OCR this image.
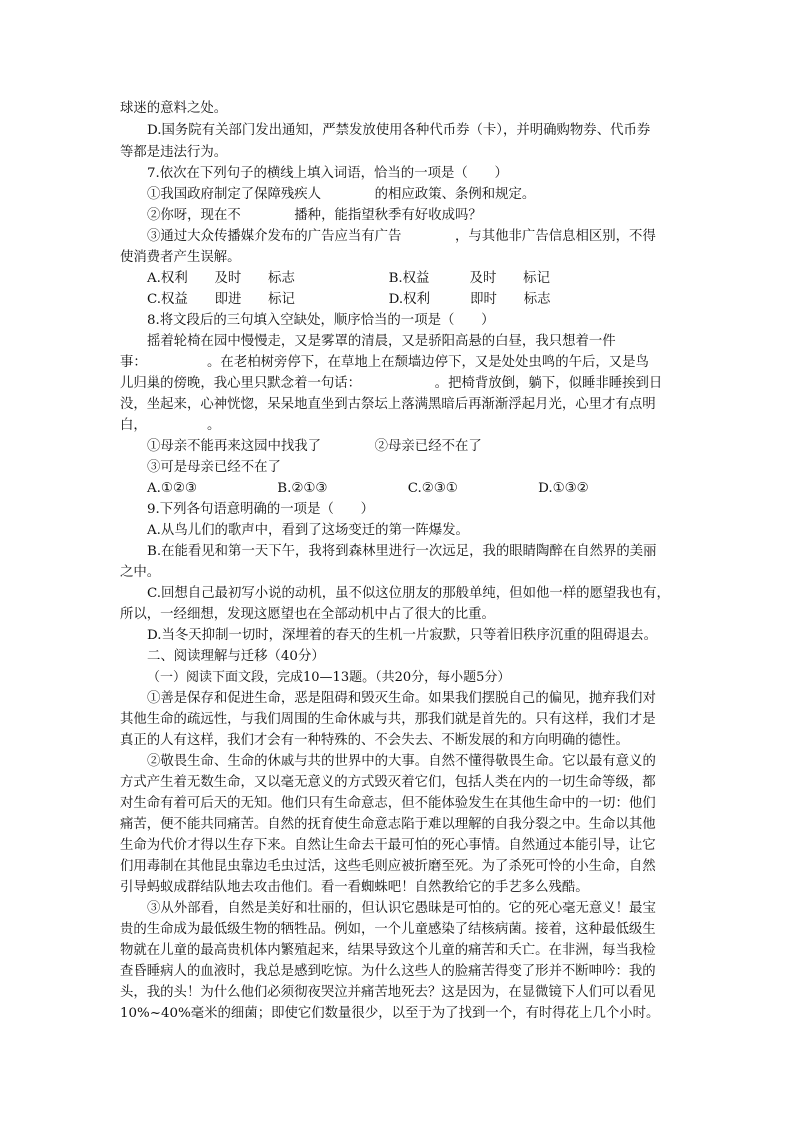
球迷的意料之处。
D.国务院有关部门发出通知，严禁发放使用各种代币券（卡），并明确购物券、代币券
等都是违法行为。
7.依次在下列句子的横线上填入词语，恰当的一项是（　　）
①我国政府制定了保障残疾人　　　　的相应政策、条例和规定。
②你呀，现在不　　　　播种，能指望秋季有好收成吗？
③通过大众传播媒介发布的广告应当有广告　　　　，与其他非广告信息相区别，不得
使消费者产生误解。
A.权利　　及时　　标志　　　　　　　B.权益　　　及时　　标记
C.权益　　即进　　标记　　　　　　　D.权利　　　即时　　标志
8.将文段后的三句填入空缺处，顺序恰当的一项是（　　）
摇着轮椅在园中慢慢走，又是雾罩的清晨，又是骄阳高悬的白昼，我只想着一件
事：　　　　　。在老柏树旁停下，在草地上在颓墙边停下，又是处处虫鸣的午后，又是鸟
儿归巢的傍晚，我心里只默念着一句话：　　　　　　。把椅背放倒，躺下，似睡非睡挨到日
没，坐起来，心神恍惚，呆呆地直坐到古祭坛上落满黑暗后再渐渐浮起月光，心里才有点明
白，　　　　　。
①母亲不能再来这园中找我了　　　　②母亲已经不在了
③可是母亲已经不在了
A.①②③　　　　　　B.②①③　　　　　　C.②③①　　　　　　D.①③②
9.下列各句语意明确的一项是（　　）
A.从鸟儿们的歌声中，看到了这场变迁的第一阵爆发。
B.在能看见和第一天下午，我将到森林里进行一次远足，我的眼睛陶醉在自然界的美丽
之中。
C.回想自己最初写小说的动机，虽不似这位朋友的那般单纯，但如他一样的愿望我也有，
所以，一经细想，发现这愿望也在全部动机中占了很大的比重。
D.当冬天抑制一切时，深埋着的春天的生机一片寂默，只等着旧秩序沉重的阻碍退去。
二、阅读理解与迁移（40分）
（一）阅读下面文段，完成10—13题。（共20分，每小题5分）
①善是保存和促进生命，恶是阻碍和毁灭生命。如果我们摆脱自己的偏见，抛弃我们对
其他生命的疏远性，与我们周围的生命休戚与共，那我们就是首先的。只有这样，我们才是
真正的人有这样，我们才会有一种特殊的、不会失去、不断发展的和方向明确的德性。
②敬畏生命、生命的休戚与共的世界中的大事。自然不懂得敬畏生命。它以最有意义的
方式产生着无数生命，又以毫无意义的方式毁灭着它们，包括人类在内的一切生命等级，都
对生命有着可后天的无知。他们只有生命意志，但不能体验发生在其他生命中的一切：他们
痛苦，便不能共同痛苦。自然的抚育使生命意志陷于难以理解的自我分裂之中。生命以其他
生命为代价才得以生存下来。自然让生命去干最可怕的死心事情。自然通过本能引导，让它
们用毒制在其他昆虫靠边毛虫过活，这些毛则应被折磨至死。为了杀死可怜的小生命，自然
引导蚂蚁成群结队地去攻击他们。看一看蜘蛛吧！自然教给它的手艺多么残酷。
③从外部看，自然是美好和壮丽的，但认识它愚昧是可怕的。它的死心毫无意义！最宝
贵的生命成为最低级生物的牺牲品。例如，一个儿童感染了结核病菌。接着，这种最低级生
物就在儿童的最高贵机体内繁殖起来，结果导致这个儿童的痛苦和夭亡。在非洲，每当我检
查昏睡病人的血液时，我总是感到吃惊。为什么这些人的脸痛苦得变了形并不断呻吟：我的
头，我的头！为什么他们必须彻夜哭泣并痛苦地死去？这是因为，在显微镜下人们可以看见
10%~40%毫米的细菌；即使它们数量很少，以至于为了找到一个，有时得花上几个小时。
